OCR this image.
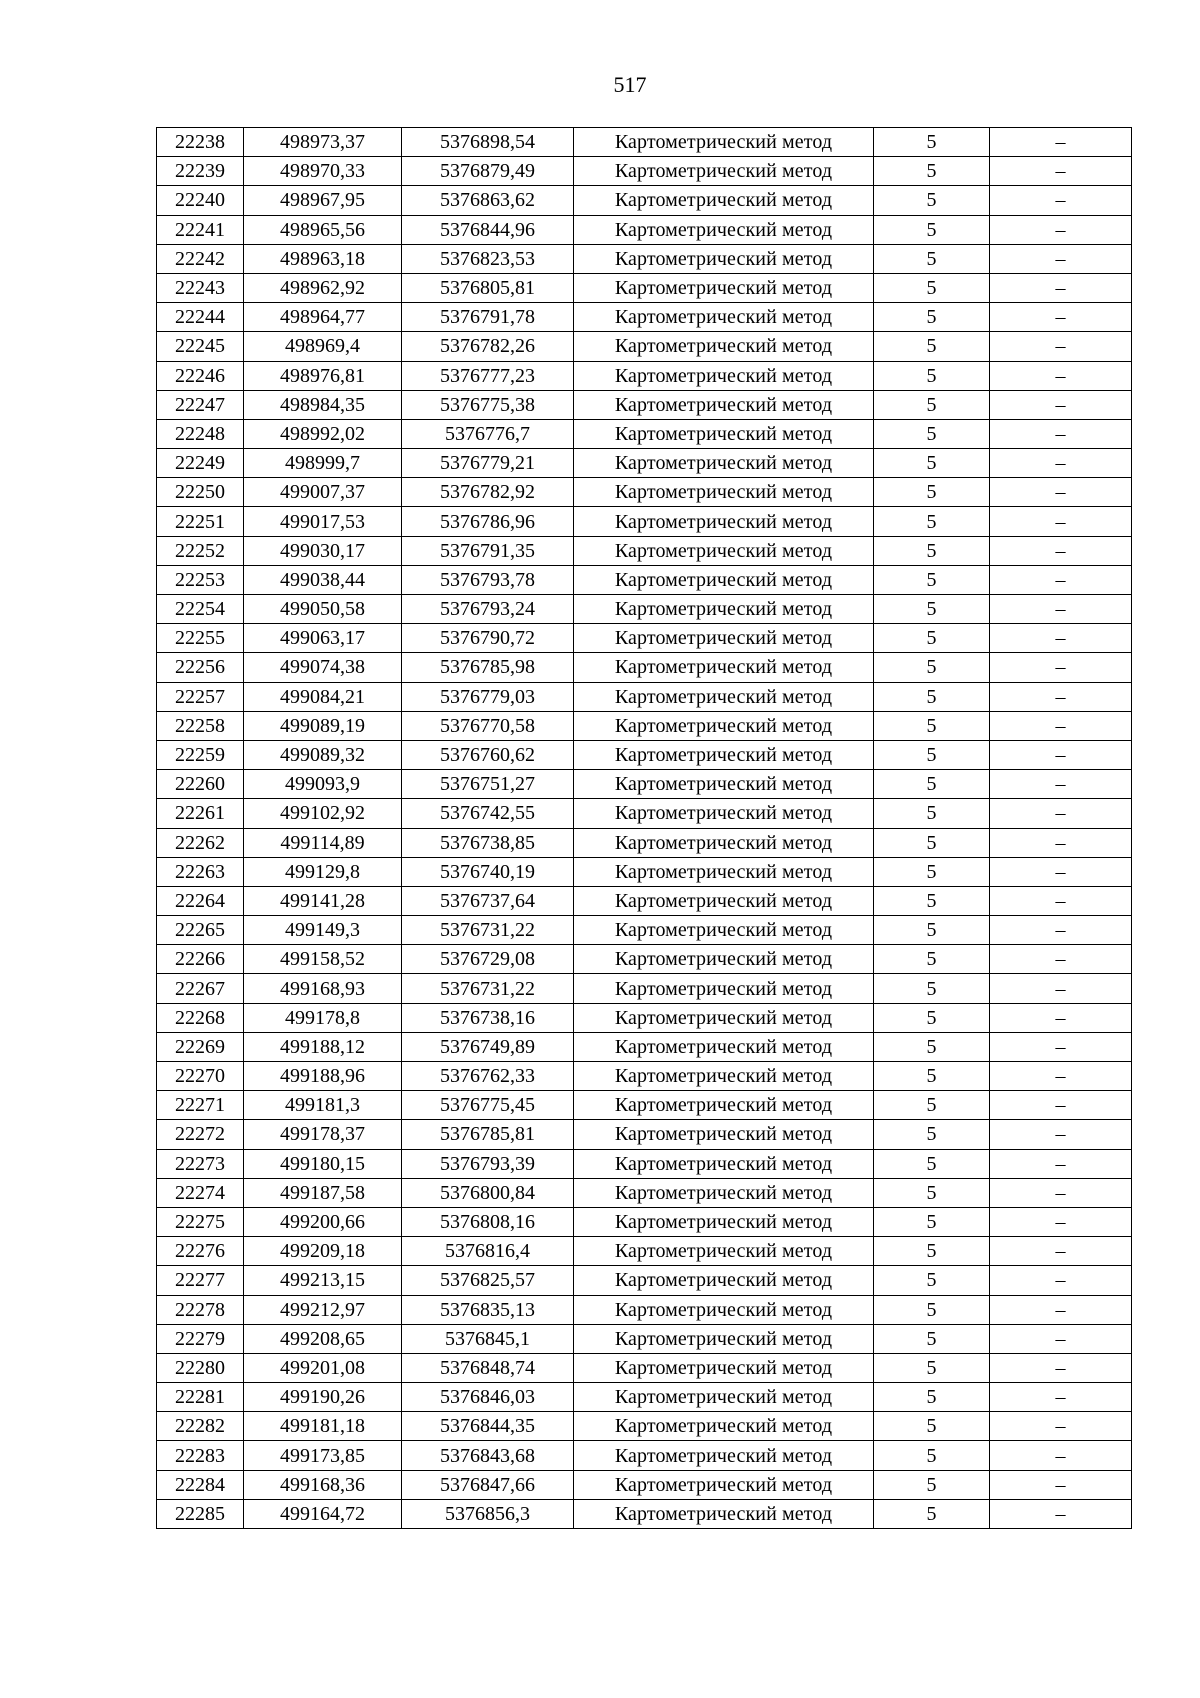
517
22238	498973,37	5376898,54	Картометрический метод	5	–
22239	498970,33	5376879,49	Картометрический метод	5	–
22240	498967,95	5376863,62	Картометрический метод	5	–
22241	498965,56	5376844,96	Картометрический метод	5	–
22242	498963,18	5376823,53	Картометрический метод	5	–
22243	498962,92	5376805,81	Картометрический метод	5	–
22244	498964,77	5376791,78	Картометрический метод	5	–
22245	498969,4	5376782,26	Картометрический метод	5	–
22246	498976,81	5376777,23	Картометрический метод	5	–
22247	498984,35	5376775,38	Картометрический метод	5	–
22248	498992,02	5376776,7	Картометрический метод	5	–
22249	498999,7	5376779,21	Картометрический метод	5	–
22250	499007,37	5376782,92	Картометрический метод	5	–
22251	499017,53	5376786,96	Картометрический метод	5	–
22252	499030,17	5376791,35	Картометрический метод	5	–
22253	499038,44	5376793,78	Картометрический метод	5	–
22254	499050,58	5376793,24	Картометрический метод	5	–
22255	499063,17	5376790,72	Картометрический метод	5	–
22256	499074,38	5376785,98	Картометрический метод	5	–
22257	499084,21	5376779,03	Картометрический метод	5	–
22258	499089,19	5376770,58	Картометрический метод	5	–
22259	499089,32	5376760,62	Картометрический метод	5	–
22260	499093,9	5376751,27	Картометрический метод	5	–
22261	499102,92	5376742,55	Картометрический метод	5	–
22262	499114,89	5376738,85	Картометрический метод	5	–
22263	499129,8	5376740,19	Картометрический метод	5	–
22264	499141,28	5376737,64	Картометрический метод	5	–
22265	499149,3	5376731,22	Картометрический метод	5	–
22266	499158,52	5376729,08	Картометрический метод	5	–
22267	499168,93	5376731,22	Картометрический метод	5	–
22268	499178,8	5376738,16	Картометрический метод	5	–
22269	499188,12	5376749,89	Картометрический метод	5	–
22270	499188,96	5376762,33	Картометрический метод	5	–
22271	499181,3	5376775,45	Картометрический метод	5	–
22272	499178,37	5376785,81	Картометрический метод	5	–
22273	499180,15	5376793,39	Картометрический метод	5	–
22274	499187,58	5376800,84	Картометрический метод	5	–
22275	499200,66	5376808,16	Картометрический метод	5	–
22276	499209,18	5376816,4	Картометрический метод	5	–
22277	499213,15	5376825,57	Картометрический метод	5	–
22278	499212,97	5376835,13	Картометрический метод	5	–
22279	499208,65	5376845,1	Картометрический метод	5	–
22280	499201,08	5376848,74	Картометрический метод	5	–
22281	499190,26	5376846,03	Картометрический метод	5	–
22282	499181,18	5376844,35	Картометрический метод	5	–
22283	499173,85	5376843,68	Картометрический метод	5	–
22284	499168,36	5376847,66	Картометрический метод	5	–
22285	499164,72	5376856,3	Картометрический метод	5	–
